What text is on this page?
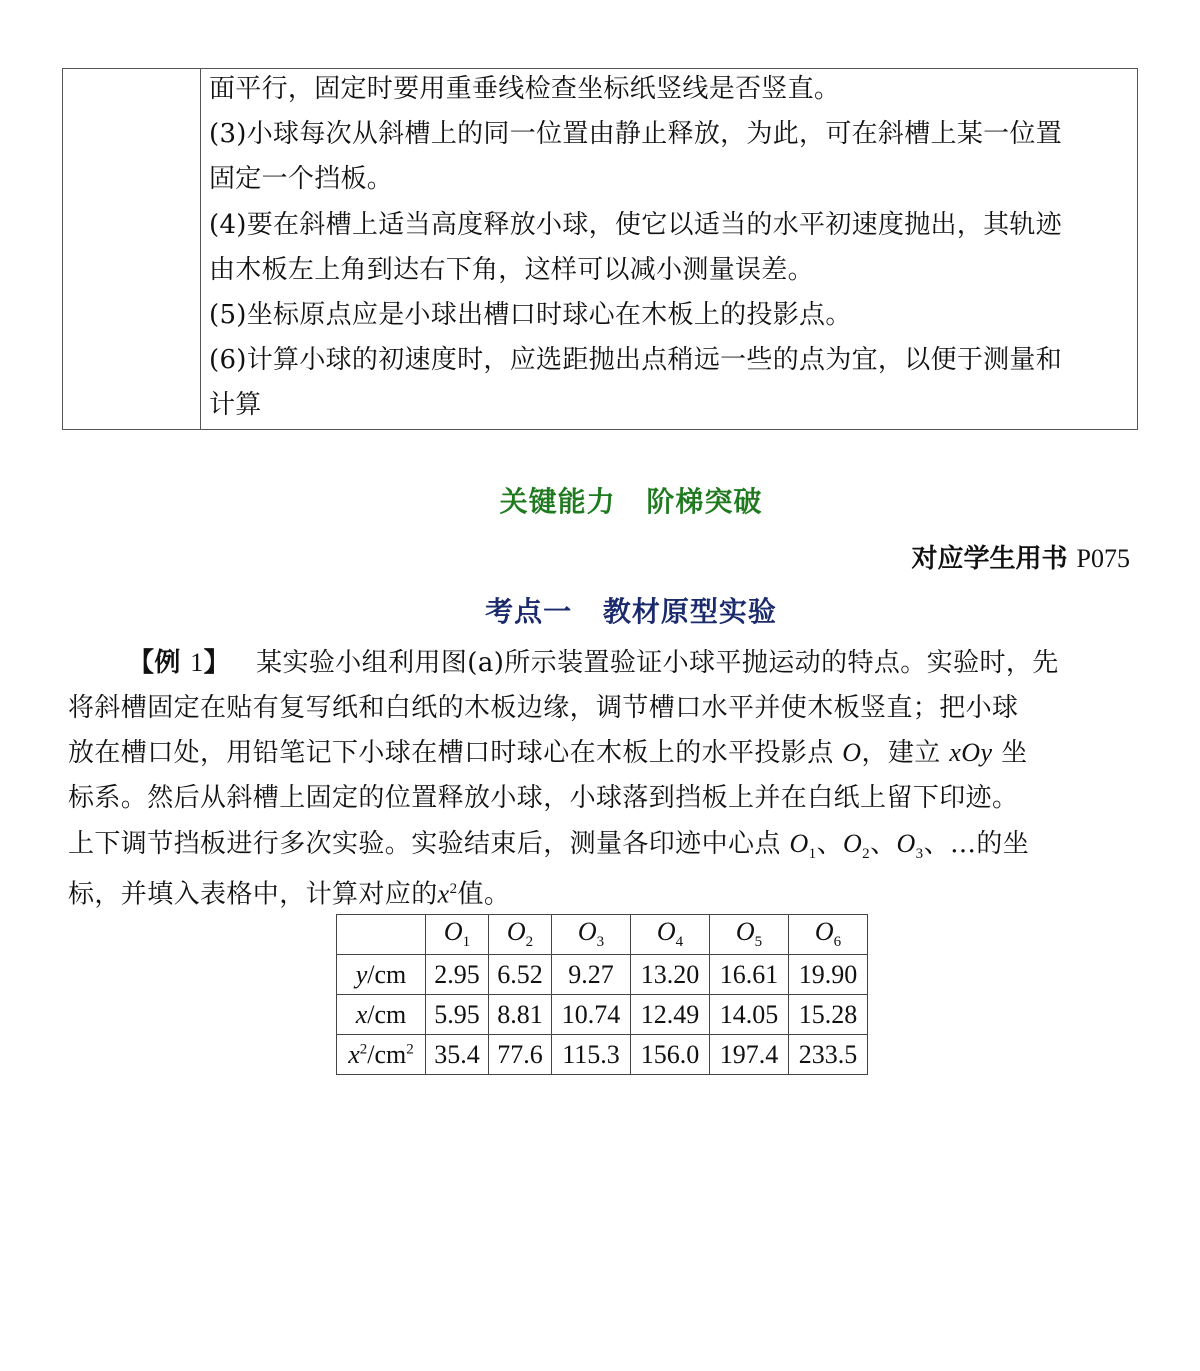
面平行，固定时要用重垂线检查坐标纸竖线是否竖直。
(3)小球每次从斜槽上的同一位置由静止释放，为此，可在斜槽上某一位置
固定一个挡板。
(4)要在斜槽上适当高度释放小球，使它以适当的水平初速度抛出，其轨迹
由木板左上角到达右下角，这样可以减小测量误差。
(5)坐标原点应是小球出槽口时球心在木板上的投影点。
(6)计算小球的初速度时，应选距抛出点稍远一些的点为宜，以便于测量和
计算
关键能力 阶梯突破
对应学生用书 P075
考点一 教材原型实验
【例 1】 某实验小组利用图(a)所示装置验证小球平抛运动的特点。实验时，先
将斜槽固定在贴有复写纸和白纸的木板边缘，调节槽口水平并使木板竖直；把小球
放在槽口处，用铅笔记下小球在槽口时球心在木板上的水平投影点 O，建立 xOy 坐
标系。然后从斜槽上固定的位置释放小球，小球落到挡板上并在白纸上留下印迹。
上下调节挡板进行多次实验。实验结束后，测量各印迹中心点 $O_1$、$O_2$、$O_3$、…的坐
标，并填入表格中，计算对应的$x^2$值。
	$O_1$	$O_2$	$O_3$	$O_4$	$O_5$	$O_6$
y/cm	2.95	6.52	9.27	13.20	16.61	19.90
x/cm	5.95	8.81	10.74	12.49	14.05	15.28
$x^2/cm^2$	35.4	77.6	115.3	156.0	197.4	233.5
